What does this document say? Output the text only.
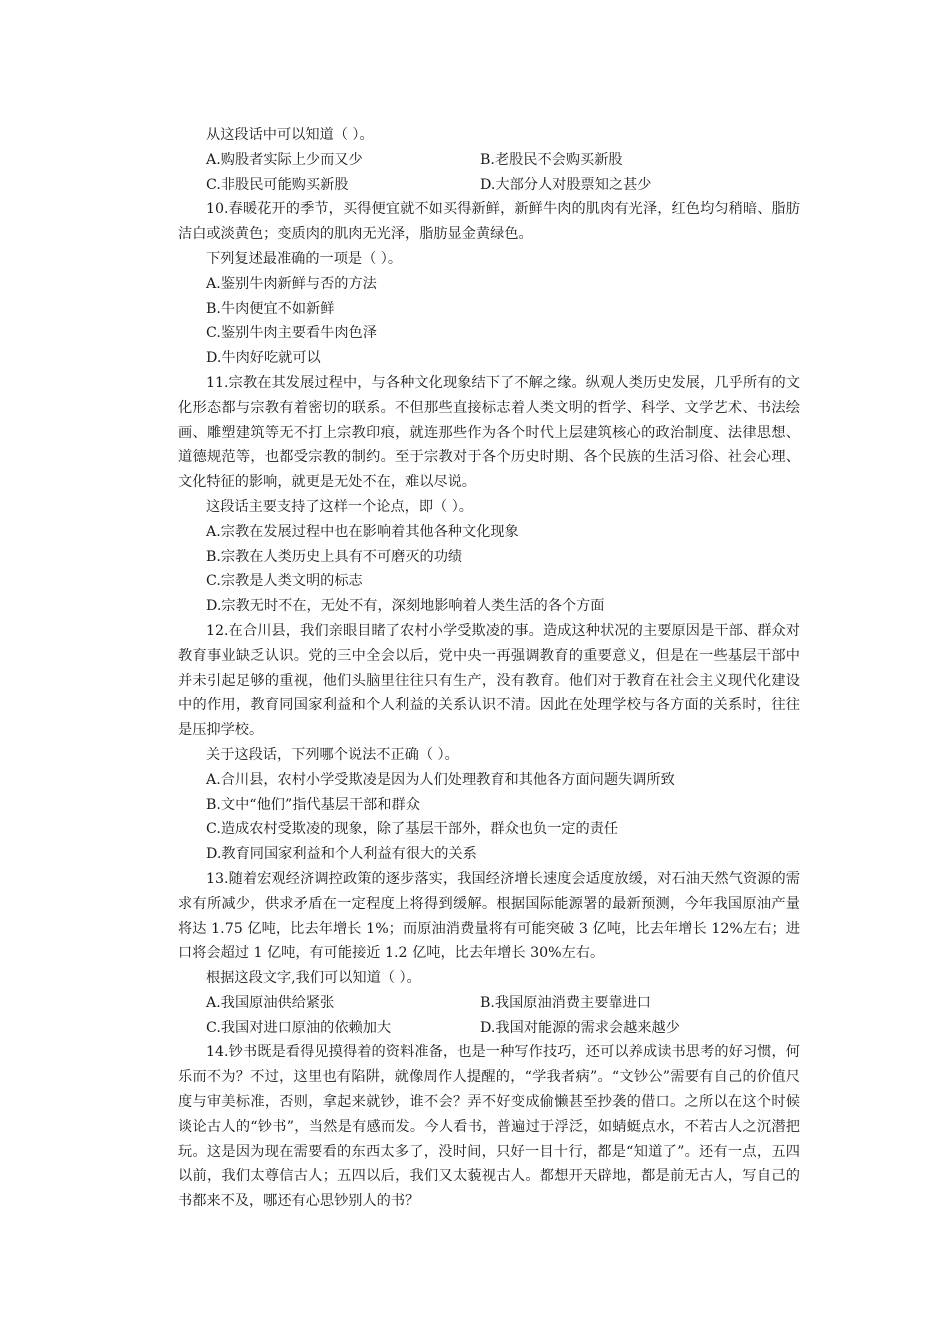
从这段话中可以知道（ ）。
A.购股者实际上少而又少	B.老股民不会购买新股
C.非股民可能购买新股	D.大部分人对股票知之甚少
10.春暖花开的季节，买得便宜就不如买得新鲜，新鲜牛肉的肌肉有光泽，红色均匀稍暗、脂肪洁白或淡黄色；变质肉的肌肉无光泽，脂肪显金黄绿色。
下列复述最准确的一项是（ ）。
A.鉴别牛肉新鲜与否的方法
B.牛肉便宜不如新鲜
C.鉴别牛肉主要看牛肉色泽
D.牛肉好吃就可以
11.宗教在其发展过程中，与各种文化现象结下了不解之缘。纵观人类历史发展，几乎所有的文化形态都与宗教有着密切的联系。不但那些直接标志着人类文明的哲学、科学、文学艺术、书法绘画、雕塑建筑等无不打上宗教印痕，就连那些作为各个时代上层建筑核心的政治制度、法律思想、道德规范等，也都受宗教的制约。至于宗教对于各个历史时期、各个民族的生活习俗、社会心理、文化特征的影响，就更是无处不在，难以尽说。
这段话主要支持了这样一个论点，即（ ）。
A.宗教在发展过程中也在影响着其他各种文化现象
B.宗教在人类历史上具有不可磨灭的功绩
C.宗教是人类文明的标志
D.宗教无时不在，无处不有，深刻地影响着人类生活的各个方面
12.在合川县，我们亲眼目睹了农村小学受欺凌的事。造成这种状况的主要原因是干部、群众对教育事业缺乏认识。党的三中全会以后，党中央一再强调教育的重要意义，但是在一些基层干部中并未引起足够的重视，他们头脑里往往只有生产，没有教育。他们对于教育在社会主义现代化建设中的作用，教育同国家利益和个人利益的关系认识不清。因此在处理学校与各方面的关系时，往往是压抑学校。
关于这段话，下列哪个说法不正确（ ）。
A.合川县，农村小学受欺凌是因为人们处理教育和其他各方面问题失调所致
B.文中“他们”指代基层干部和群众
C.造成农村受欺凌的现象，除了基层干部外，群众也负一定的责任
D.教育同国家利益和个人利益有很大的关系
13.随着宏观经济调控政策的逐步落实，我国经济增长速度会适度放缓，对石油天然气资源的需求有所减少，供求矛盾在一定程度上将得到缓解。根据国际能源署的最新预测，今年我国原油产量将达 1.75 亿吨，比去年增长 1%；而原油消费量将有可能突破 3 亿吨，比去年增长 12%左右；进口将会超过 1 亿吨，有可能接近 1.2 亿吨，比去年增长 30%左右。
根据这段文字,我们可以知道（ ）。
A.我国原油供给紧张	B.我国原油消费主要靠进口
C.我国对进口原油的依赖加大	D.我国对能源的需求会越来越少
14.钞书既是看得见摸得着的资料准备，也是一种写作技巧，还可以养成读书思考的好习惯，何乐而不为？不过，这里也有陷阱，就像周作人提醒的，“学我者病”。“文钞公”需要有自己的价值尺度与审美标准，否则，拿起来就钞，谁不会？弄不好变成偷懒甚至抄袭的借口。之所以在这个时候谈论古人的“钞书”，当然是有感而发。今人看书，普遍过于浮泛，如蜻蜓点水，不若古人之沉潜把玩。这是因为现在需要看的东西太多了，没时间，只好一目十行，都是“知道了”。还有一点，五四以前，我们太尊信古人；五四以后，我们又太藐视古人。都想开天辟地，都是前无古人，写自己的书都来不及，哪还有心思钞别人的书？
